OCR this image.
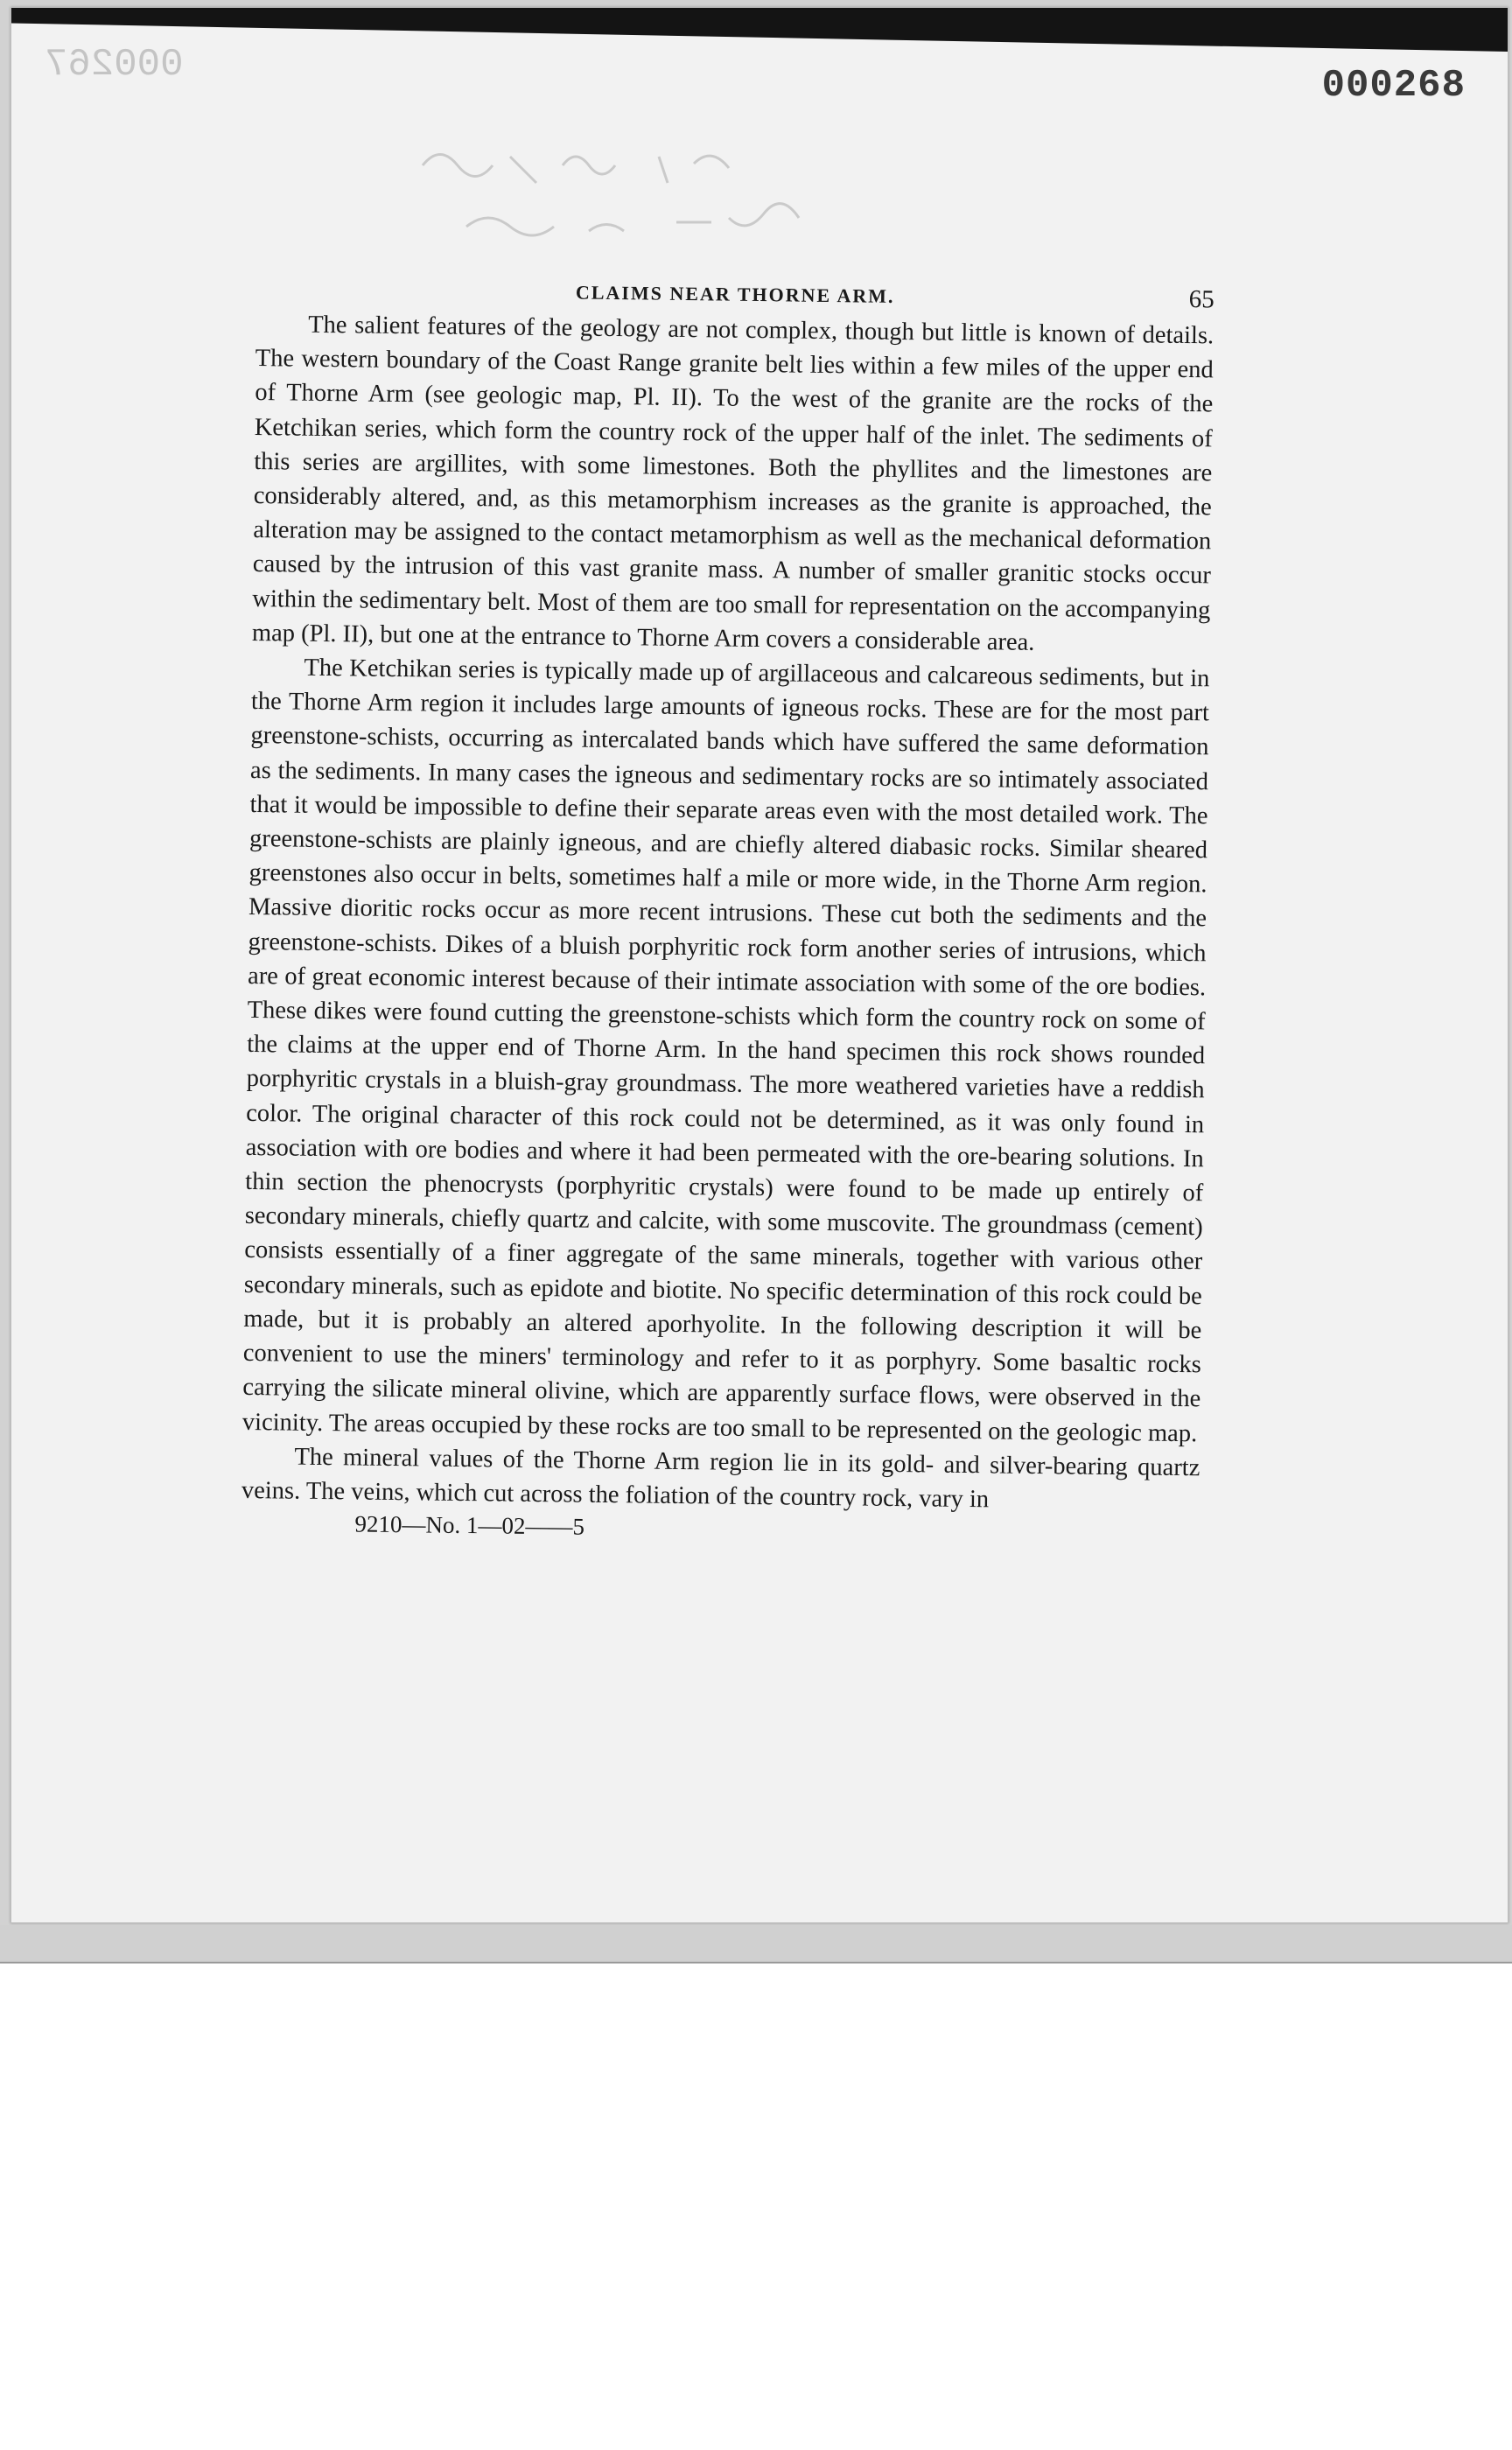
000267	000268
CLAIMS NEAR THORNE ARM.	65

The salient features of the geology are not complex, though but little is known of details. The western boundary of the Coast Range granite belt lies within a few miles of the upper end of Thorne Arm (see geologic map, Pl. II). To the west of the granite are the rocks of the Ketchikan series, which form the country rock of the upper half of the inlet. The sediments of this series are argillites, with some limestones. Both the phyllites and the limestones are considerably altered, and, as this metamorphism increases as the granite is approached, the alteration may be assigned to the contact metamorphism as well as the mechanical deformation caused by the intrusion of this vast granite mass. A number of smaller granitic stocks occur within the sedimentary belt. Most of them are too small for representation on the accompanying map (Pl. II), but one at the entrance to Thorne Arm covers a considerable area.

The Ketchikan series is typically made up of argillaceous and calcareous sediments, but in the Thorne Arm region it includes large amounts of igneous rocks. These are for the most part greenstone-schists, occurring as intercalated bands which have suffered the same deformation as the sediments. In many cases the igneous and sedimentary rocks are so intimately associated that it would be impossible to define their separate areas even with the most detailed work. The greenstone-schists are plainly igneous, and are chiefly altered diabasic rocks. Similar sheared greenstones also occur in belts, sometimes half a mile or more wide, in the Thorne Arm region. Massive dioritic rocks occur as more recent intrusions. These cut both the sediments and the greenstone-schists. Dikes of a bluish porphyritic rock form another series of intrusions, which are of great economic interest because of their intimate association with some of the ore bodies. These dikes were found cutting the greenstone-schists which form the country rock on some of the claims at the upper end of Thorne Arm. In the hand specimen this rock shows rounded porphyritic crystals in a bluish-gray groundmass. The more weathered varieties have a reddish color. The original character of this rock could not be determined, as it was only found in association with ore bodies and where it had been permeated with the ore-bearing solutions. In thin section the phenocrysts (porphyritic crystals) were found to be made up entirely of secondary minerals, chiefly quartz and calcite, with some muscovite. The groundmass (cement) consists essentially of a finer aggregate of the same minerals, together with various other secondary minerals, such as epidote and biotite. No specific determination of this rock could be made, but it is probably an altered aporhyolite. In the following description it will be convenient to use the miners' terminology and refer to it as porphyry. Some basaltic rocks carrying the silicate mineral olivine, which are apparently surface flows, were observed in the vicinity. The areas occupied by these rocks are too small to be represented on the geologic map.

The mineral values of the Thorne Arm region lie in its gold- and silver-bearing quartz veins. The veins, which cut across the foliation of the country rock, vary in

9210—No. 1—02——5
